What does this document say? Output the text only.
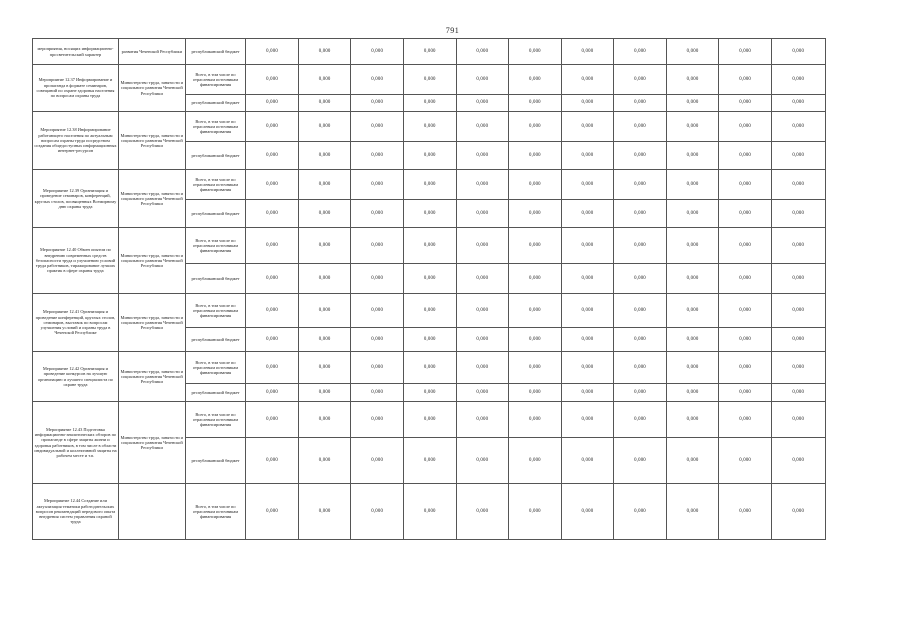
791
мероприятия, носящих информационно-просветительский характер	развития Чеченской Республики	республиканский бюджет	0,000	0,000	0,000	0,000	0,000	0,000	0,000	0,000	0,000	0,000	0,000
Мероприятие 12.37 Информирование и пропаганда в формате семинаров, совещаний по охране здоровья населения по вопросам охраны труда	Министерство труда, занятости и социального развития Чеченской Республики	Всего, в том числе по отраслевым источникам финансирования	0,000	0,000	0,000	0,000	0,000	0,000	0,000	0,000	0,000	0,000	0,000
		республиканский бюджет	0,000	0,000	0,000	0,000	0,000	0,000	0,000	0,000	0,000	0,000	0,000
Мероприятие 12.38 Информирование работающего населения по актуальным вопросам охраны труда посредством создания общедоступных информационных интернет-ресурсов	Министерство труда, занятости и социального развития Чеченской Республики	Всего, в том числе по отраслевым источникам финансирования	0,000	0,000	0,000	0,000	0,000	0,000	0,000	0,000	0,000	0,000	0,000
		республиканский бюджет	0,000	0,000	0,000	0,000	0,000	0,000	0,000	0,000	0,000	0,000	0,000
Мероприятие 12.39 Организация и проведение семинаров, конференций, круглых столов, посвященных Всемирному дню охраны труда	Министерство труда, занятости и социального развития Чеченской Республики	Всего, в том числе по отраслевым источникам финансирования	0,000	0,000	0,000	0,000	0,000	0,000	0,000	0,000	0,000	0,000	0,000
		республиканский бюджет	0,000	0,000	0,000	0,000	0,000	0,000	0,000	0,000	0,000	0,000	0,000
Мероприятие 12.40 Обмен опытом по внедрению современных средств безопасности труда и улучшению условий труда работников, тиражирование лучших практик в сфере охраны труда	Министерство труда, занятости и социального развития Чеченской Республики	Всего, в том числе по отраслевым источникам финансирования	0,000	0,000	0,000	0,000	0,000	0,000	0,000	0,000	0,000	0,000	0,000
		республиканский бюджет	0,000	0,000	0,000	0,000	0,000	0,000	0,000	0,000	0,000	0,000	0,000
Мероприятие 12.41 Организация и проведение конференций, круглых столов, семинаров, выставок по вопросам улучшения условий и охраны труда в Чеченской Республике	Министерство труда, занятости и социального развития Чеченской Республики	Всего, в том числе по отраслевым источникам финансирования	0,000	0,000	0,000	0,000	0,000	0,000	0,000	0,000	0,000	0,000	0,000
		республиканский бюджет	0,000	0,000	0,000	0,000	0,000	0,000	0,000	0,000	0,000	0,000	0,000
Мероприятие 12.42 Организация и проведение конкурсов на лучшую организацию и лучшего специалиста по охране труда	Министерство труда, занятости и социального развития Чеченской Республики	Всего, в том числе по отраслевым источникам финансирования	0,000	0,000	0,000	0,000	0,000	0,000	0,000	0,000	0,000	0,000	0,000
		республиканский бюджет	0,000	0,000	0,000	0,000	0,000	0,000	0,000	0,000	0,000	0,000	0,000
Мероприятие 12.43 Подготовка информационно-аналитических обзоров по пропаганде в сфере защиты жизни и здоровья работников, в том числе в области индивидуальной и коллективной защиты на рабочем месте и т.п.	Министерство труда, занятости и социального развития Чеченской Республики	Всего, в том числе по отраслевым источникам финансирования	0,000	0,000	0,000	0,000	0,000	0,000	0,000	0,000	0,000	0,000	0,000
		республиканский бюджет	0,000	0,000	0,000	0,000	0,000	0,000	0,000	0,000	0,000	0,000	0,000
Мероприятие 12.44 Создание или актуализация тематики работодательских вопросов рекомендаций передового опыта внедрения систем управления охраной труда		Всего, в том числе по отраслевым источникам финансирования	0,000	0,000	0,000	0,000	0,000	0,000	0,000	0,000	0,000	0,000	0,000
